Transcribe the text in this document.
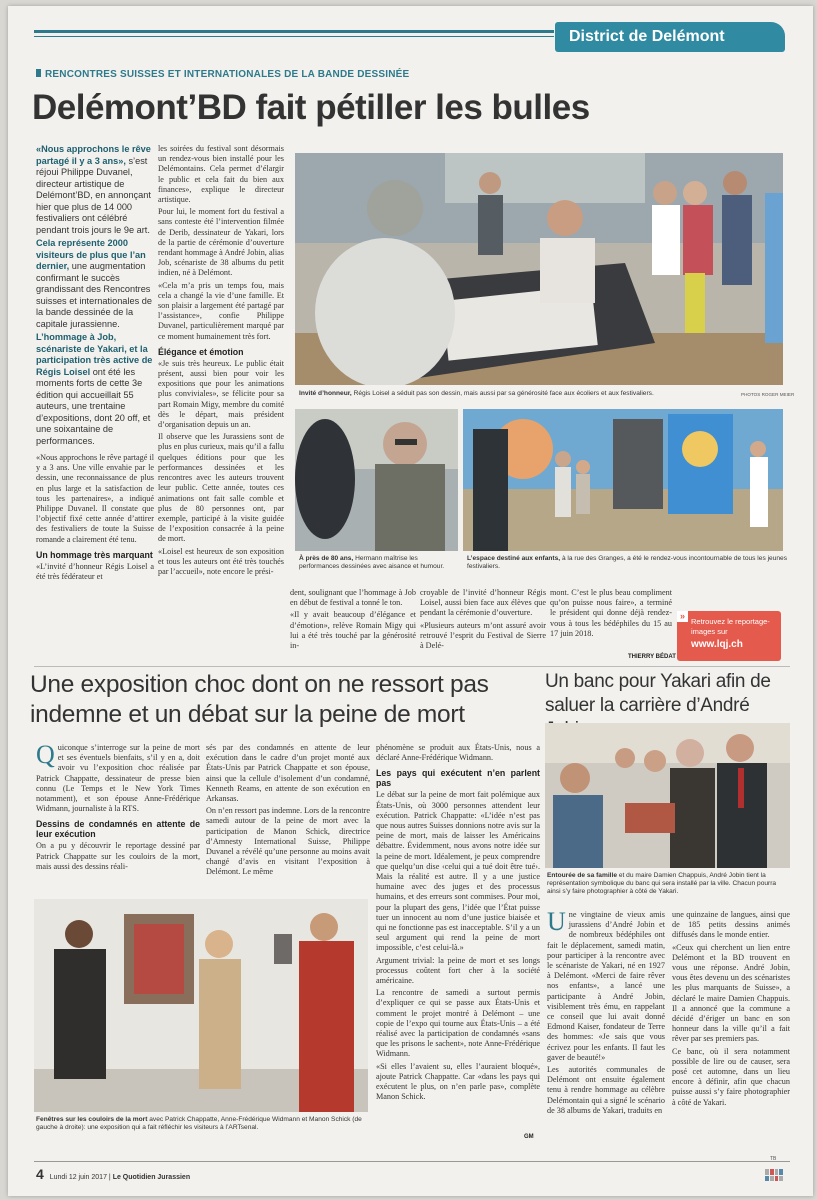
District de Delémont
RENCONTRES SUISSES ET INTERNATIONALES DE LA BANDE DESSINÉE
Delémont’BD fait pétiller les bulles

«Nous approchons le rêve partagé il y a 3 ans», s’est réjoui Philippe Duvanel, directeur artistique de Delémont’BD, en annonçant hier que plus de 14 000 festivaliers ont célébré pendant trois jours le 9e art.

Cela représente 2000 visiteurs de plus que l’an dernier, une augmentation confirmant le succès grandissant des Rencontres suisses et internationales de la bande dessinée de la capitale jurassienne.

L’hommage à Job, scénariste de Yakari, et la participation très active de Régis Loisel ont été les moments forts de cette 3e édition qui accueillait 55 auteurs, une trentaine d’expositions, dont 20 off, et une soixantaine de performances.

«Nous approchons le rêve partagé il y a 3 ans. Une ville envahie par le dessin, une reconnaissance de plus en plus large et la satisfaction de tous les partenaires», a indiqué Philippe Duvanel. Il constate que l’objectif fixé cette année d’attirer des festivaliers de toute la Suisse romande a clairement été tenu.

Un hommage très marquant

«L’invité d’honneur Régis Loisel a été très fédérateur et

les soirées du festival sont désormais un rendez-vous bien installé pour les Delémontains. Cela permet d’élargir le public et cela fait du bien aux finances», explique le directeur artistique.

Pour lui, le moment fort du festival a sans conteste été l’intervention filmée de Derib, dessinateur de Yakari, lors de la partie de cérémonie d’ouverture rendant hommage à André Jobin, alias Job, scénariste de 38 albums du petit indien, né à Delémont.

«Cela m’a pris un temps fou, mais cela a changé la vie d’une famille. Et son plaisir a largement été partagé par l’assistance», confie Philippe Duvanel, particulièrement marqué par ce moment humainement très fort.

Élégance et émotion

«Je suis très heureux. Le public était présent, aussi bien pour voir les expositions que pour les animations plus conviviales», se félicite pour sa part Romain Migy, membre du comité dès le départ, mais président d’organisation depuis un an.

Il observe que les Jurassiens sont de plus en plus curieux, mais qu’il a fallu quelques éditions pour que les performances dessinées et les rencontres avec les auteurs trouvent leur public. Cette année, toutes ces animations ont fait salle comble et plus de 80 personnes ont, par exemple, participé à la visite guidée de l’exposition consacrée à la peine de mort.

«Loisel est heureux de son exposition et tous les auteurs ont été très touchés par l’accueil», note encore le prési-

Invité d’honneur, Régis Loisel a séduit pas son dessin, mais aussi par sa générosité face aux écoliers et aux festivaliers.	PHOTOS ROGER MEIER
À près de 80 ans, Hermann maîtrise les performances dessinées avec aisance et humour.
L’espace destiné aux enfants, à la rue des Granges, a été le rendez-vous incontournable de tous les jeunes festivaliers.

dent, soulignant que l’hommage à Job en début de festival a tonné le ton.

«Il y avait beaucoup d’élégance et d’émotion», relève Romain Migy qui lui a été très touché par la générosité in-

croyable de l’invité d’honneur Régis Loisel, aussi bien face aux élèves que pendant la cérémonie d’ouverture.

«Plusieurs auteurs m’ont assuré avoir retrouvé l’esprit du Festival de Sierre à Delé-

mont. C’est le plus beau compliment qu’on puisse nous faire», a terminé le président qui donne déjà rendez-vous à tous les bédéphiles du 15 au 17 juin 2018.

THIERRY BÉDAT
»
Retrouvez le reportage-images sur
www.lqj.ch
Une exposition choc dont on ne ressort pas indemne et un débat sur la peine de mort

Quiconque s’interroge sur la peine de mort et ses éventuels bienfaits, s’il y en a, doit avoir vu l’exposition choc réalisée par Patrick Chappatte, dessinateur de presse bien connu (Le Temps et le New York Times notamment), et son épouse Anne-Frédérique Widmann, journaliste à la RTS.

Dessins de condamnés en attente de leur exécution

On a pu y découvrir le reportage dessiné par Patrick Chappatte sur les couloirs de la mort, mais aussi des dessins réali-

sés par des condamnés en attente de leur exécution dans le cadre d’un projet monté aux États-Unis par Patrick Chappatte et son épouse, ainsi que la cellule d’isolement d’un condamné, Kenneth Reams, en attente de son exécution en Arkansas.

On n’en ressort pas indemne. Lors de la rencontre samedi autour de la peine de mort avec la participation de Manon Schick, directrice d’Amnesty International Suisse, Philippe Duvanel a révélé qu’une personne au moins avait changé d’avis en visitant l’exposition à Delémont. Le même

phénomène se produit aux États-Unis, nous a déclaré Anne-Frédérique Widmann.

Les pays qui exécutent n’en parlent pas

Le débat sur la peine de mort fait polémique aux États-Unis, où 3000 personnes attendent leur exécution. Patrick Chappatte: «L’idée n’est pas que nous autres Suisses donnions notre avis sur la peine de mort, mais de laisser les Américains débattre. Évidemment, nous avons notre idée sur la peine de mort. Idéalement, je peux comprendre que quelqu’un dise ‹celui qui a tué doit être tué›. Mais la réalité est autre. Il y a une justice humaine avec des juges et des processus humains, et des erreurs sont commises. Pour moi, pour la plupart des gens, l’idée que l’État puisse tuer un innocent au nom d’une justice biaisée et qui ne fonctionne pas est inacceptable. S’il y a un seul argument qui rend la peine de mort impossible, c’est celui-là.»

Argument trivial: la peine de mort et ses longs processus coûtent fort cher à la société américaine.

La rencontre de samedi a surtout permis d’expliquer ce qui se passe aux États-Unis et comment le projet montré à Delémont – une copie de l’expo qui tourne aux États-Unis – a été réalisé avec la participation de condamnés «sans que les prisons le sachent», note Anne-Frédérique Widmann.

«Si elles l’avaient su, elles l’auraient bloqué», ajoute Patrick Chappatte. Car «dans les pays qui exécutent le plus, on n’en parle pas», complète Manon Schick.

GM
Fenêtres sur les couloirs de la mort avec Patrick Chappatte, Anne-Frédérique Widmann et Manon Schick (de gauche à droite): une exposition qui a fait réfléchir les visiteurs à l’ARTsenal.
Un banc pour Yakari afin de saluer la carrière d’André
Entourée de sa famille et du maire Damien Chappuis, André Jobin tient la représentation symbolique du banc qui sera installé par la ville. Chacun pourra ainsi s’y faire photographier à côté de Yakari.

Une vingtaine de vieux amis jurassiens d’André Jobin et de nombreux bédéphiles ont fait le déplacement, samedi matin, pour participer à la rencontre avec le scénariste de Yakari, né en 1927 à Delémont. «Merci de faire rêver nos enfants», a lancé une participante à André Jobin, visiblement très ému, en rappelant ce conseil que lui avait donné Edmond Kaiser, fondateur de Terre des hommes: «Je sais que vous écrivez pour les enfants. Il faut les gaver de beauté!»

Les autorités communales de Delémont ont ensuite également tenu à rendre hommage au célèbre Delémontain qui a signé le scénario de 38 albums de Yakari, traduits en

une quinzaine de langues, ainsi que de 185 petits dessins animés diffusés dans le monde entier.

«Ceux qui cherchent un lien entre Delémont et la BD trouvent en vous une réponse. André Jobin, vous êtes devenu un des scénaristes les plus marquants de Suisse», a déclaré le maire Damien Chappuis. Il a annoncé que la commune a décidé d’ériger un banc en son honneur dans la ville qu’il a fait rêver par ses premiers pas.

Ce banc, où il sera notamment possible de lire ou de causer, sera posé cet automne, dans un lieu encore à définir, afin que chacun puisse aussi s’y faire photographier à côté de Yakari.

TB
4 Lundi 12 juin 2017 | Le Quotidien Jurassien
